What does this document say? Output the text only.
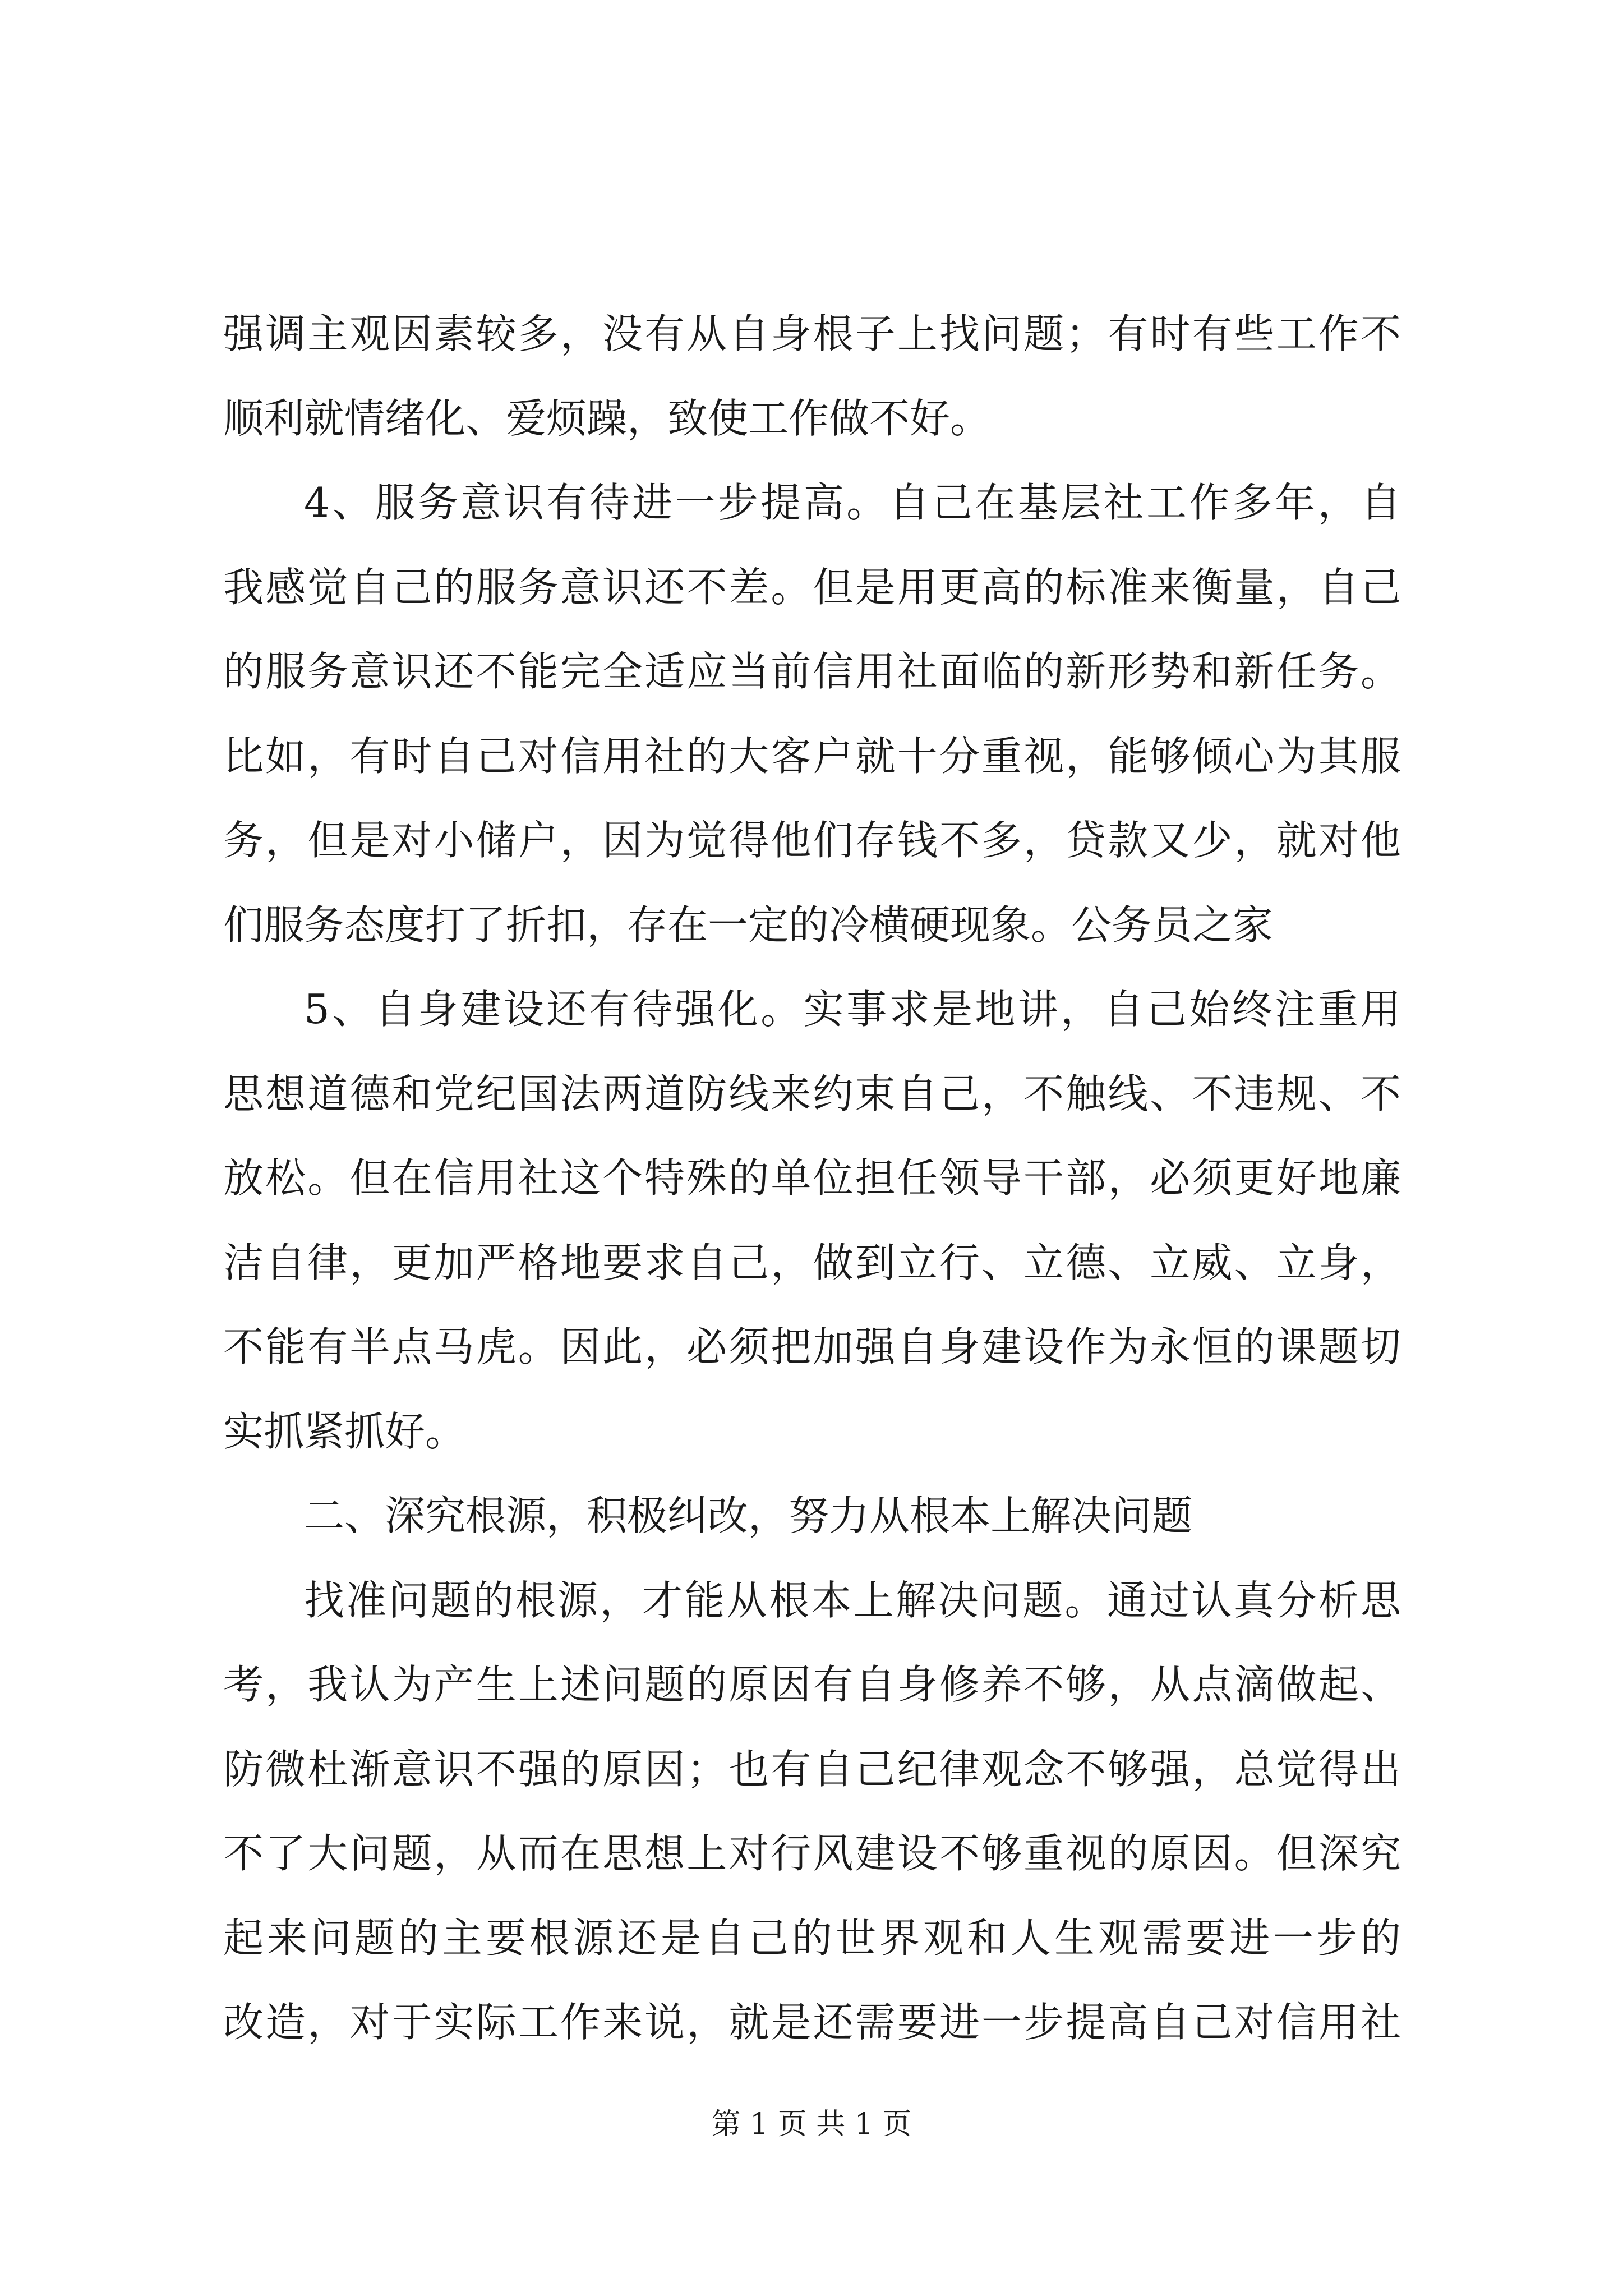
强调主观因素较多，没有从自身根子上找问题；有时有些工作不
顺利就情绪化、爱烦躁，致使工作做不好。
4、服务意识有待进一步提高。自己在基层社工作多年，自
我感觉自己的服务意识还不差。但是用更高的标准来衡量，自己
的服务意识还不能完全适应当前信用社面临的新形势和新任务。
比如，有时自己对信用社的大客户就十分重视，能够倾心为其服
务，但是对小储户，因为觉得他们存钱不多，贷款又少，就对他
们服务态度打了折扣，存在一定的冷横硬现象。公务员之家
5、自身建设还有待强化。实事求是地讲，自己始终注重用
思想道德和党纪国法两道防线来约束自己，不触线、不违规、不
放松。但在信用社这个特殊的单位担任领导干部，必须更好地廉
洁自律，更加严格地要求自己，做到立行、立德、立威、立身，
不能有半点马虎。因此，必须把加强自身建设作为永恒的课题切
实抓紧抓好。
二、深究根源，积极纠改，努力从根本上解决问题
找准问题的根源，才能从根本上解决问题。通过认真分析思
考，我认为产生上述问题的原因有自身修养不够，从点滴做起、
防微杜渐意识不强的原因；也有自己纪律观念不够强，总觉得出
不了大问题，从而在思想上对行风建设不够重视的原因。但深究
起来问题的主要根源还是自己的世界观和人生观需要进一步的
改造，对于实际工作来说，就是还需要进一步提高自己对信用社
第 1 页 共 1 页
